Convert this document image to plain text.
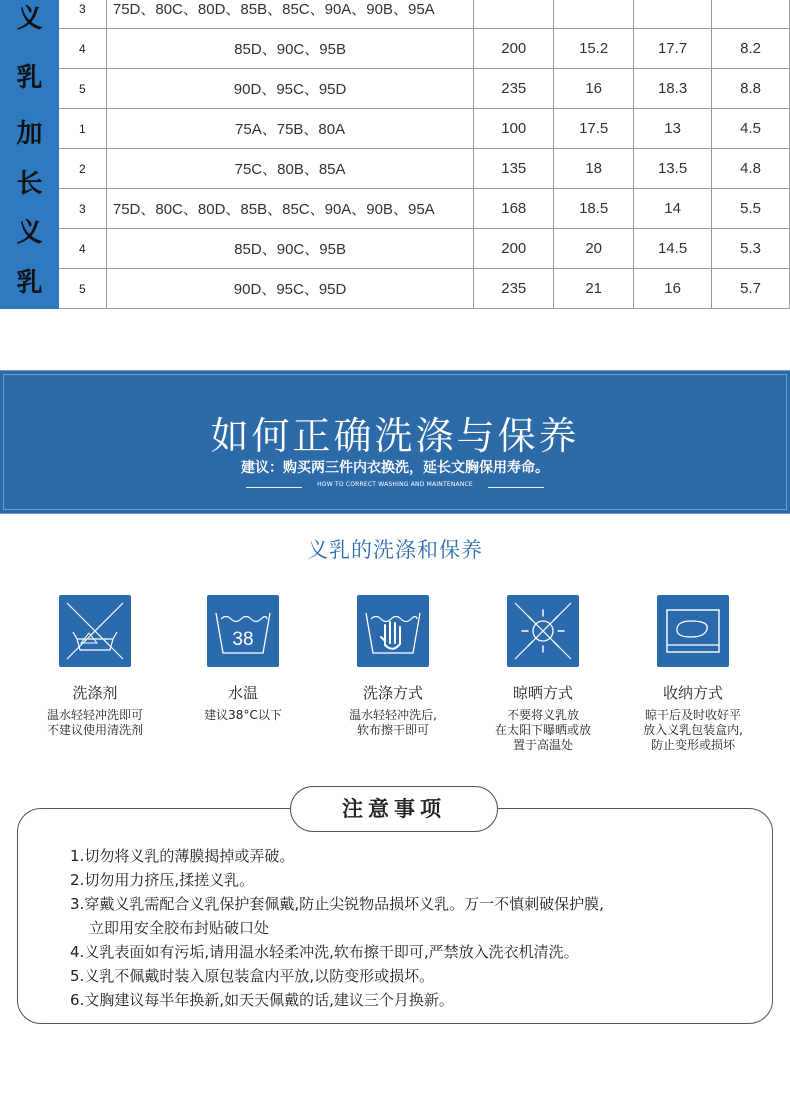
义
乳	3	75D、80C、80D、85B、85C、90A、90B、95A				
	4	85D、90C、95B	200	15.2	17.7	8.2
	5	90D、95C、95D	235	16	18.3	8.8

加
长
义
乳	1	75A、75B、80A	100	17.5	13	4.5
	2	75C、80B、85A	135	18	13.5	4.8
	3	75D、80C、80D、85B、85C、90A、90B、95A	168	18.5	14	5.5
	4	85D、90C、95B	200	20	14.5	5.3
	5	90D、95C、95D	235	21	16	5.7
如何正确洗涤与保养
建议：购买两三件内衣换洗，延长文胸保用寿命。
HOW TO CORRECT WASHING AND MAINTENANCE
义乳的洗涤和保养
洗涤剂
温水轻轻冲洗即可
不建议使用清洗剂
38
水温
建议38°C以下
洗涤方式
温水轻轻冲洗后,
软布擦干即可
晾晒方式
不要将义乳放
在太阳下曝晒或放
置于高温处
收纳方式
晾干后及时收好平
放入义乳包装盒内,
防止变形或损坏
注意事项
1.切勿将义乳的薄膜揭掉或弄破。
2.切勿用力挤压,揉搓义乳。
3.穿戴义乳需配合义乳保护套佩戴,防止尖锐物品损坏义乳。万一不慎刺破保护膜,
立即用安全胶布封贴破口处
4.义乳表面如有污垢,请用温水轻柔冲洗,软布擦干即可,严禁放入洗衣机清洗。
5.义乳不佩戴时装入原包装盒内平放,以防变形或损坏。
6.文胸建议每半年换新,如天天佩戴的话,建议三个月换新。
